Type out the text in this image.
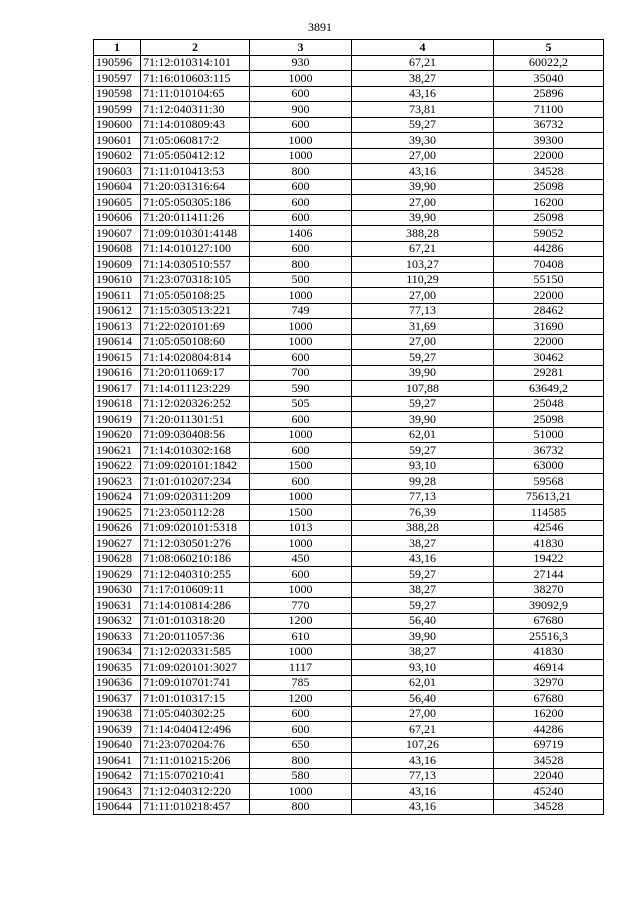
3891
1	2	3	4	5
190596	71:12:010314:101	930	67,21	60022,2
190597	71:16:010603:115	1000	38,27	35040
190598	71:11:010104:65	600	43,16	25896
190599	71:12:040311:30	900	73,81	71100
190600	71:14:010809:43	600	59,27	36732
190601	71:05:060817:2	1000	39,30	39300
190602	71:05:050412:12	1000	27,00	22000
190603	71:11:010413:53	800	43,16	34528
190604	71:20:031316:64	600	39,90	25098
190605	71:05:050305:186	600	27,00	16200
190606	71:20:011411:26	600	39,90	25098
190607	71:09:010301:4148	1406	388,28	59052
190608	71:14:010127:100	600	67,21	44286
190609	71:14:030510:557	800	103,27	70408
190610	71:23:070318:105	500	110,29	55150
190611	71:05:050108:25	1000	27,00	22000
190612	71:15:030513:221	749	77,13	28462
190613	71:22:020101:69	1000	31,69	31690
190614	71:05:050108:60	1000	27,00	22000
190615	71:14:020804:814	600	59,27	30462
190616	71:20:011069:17	700	39,90	29281
190617	71:14:011123:229	590	107,88	63649,2
190618	71:12:020326:252	505	59,27	25048
190619	71:20:011301:51	600	39,90	25098
190620	71:09:030408:56	1000	62,01	51000
190621	71:14:010302:168	600	59,27	36732
190622	71:09:020101:1842	1500	93,10	63000
190623	71:01:010207:234	600	99,28	59568
190624	71:09:020311:209	1000	77,13	75613,21
190625	71:23:050112:28	1500	76,39	114585
190626	71:09:020101:5318	1013	388,28	42546
190627	71:12:030501:276	1000	38,27	41830
190628	71:08:060210:186	450	43,16	19422
190629	71:12:040310:255	600	59,27	27144
190630	71:17:010609:11	1000	38,27	38270
190631	71:14:010814:286	770	59,27	39092,9
190632	71:01:010318:20	1200	56,40	67680
190633	71:20:011057:36	610	39,90	25516,3
190634	71:12:020331:585	1000	38,27	41830
190635	71:09:020101:3027	1117	93,10	46914
190636	71:09:010701:741	785	62,01	32970
190637	71:01:010317:15	1200	56,40	67680
190638	71:05:040302:25	600	27,00	16200
190639	71:14:040412:496	600	67,21	44286
190640	71:23:070204:76	650	107,26	69719
190641	71:11:010215:206	800	43,16	34528
190642	71:15:070210:41	580	77,13	22040
190643	71:12:040312:220	1000	43,16	45240
190644	71:11:010218:457	800	43,16	34528
